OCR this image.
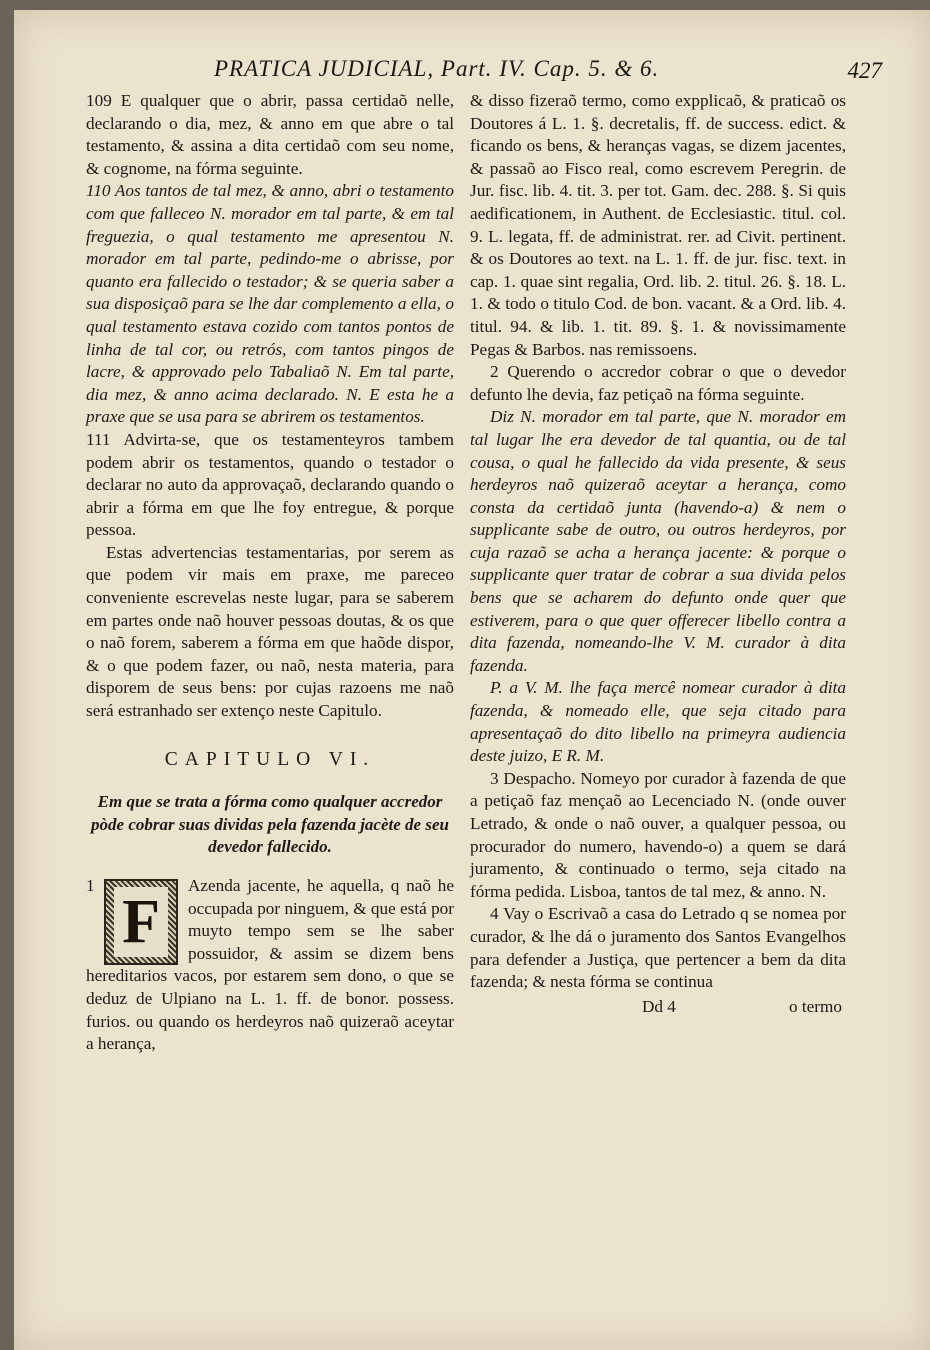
PRATICA JUDICIAL, Part. IV. Cap. 5. & 6.	427

109 E qualquer que o abrir, passa certidaõ nelle, declarando o dia, mez, & anno em que abre o tal testamento, & assina a dita certidaõ com seu nome, & cognome, na fórma seguinte.

110 Aos tantos de tal mez, & anno, abri o testamento com que falleceo N. morador em tal parte, & em tal freguezia, o qual testamento me apresentou N. morador em tal parte, pedindo-me o abrisse, por quanto era fallecido o testador; & se queria saber a sua disposiçaõ para se lhe dar complemento a ella, o qual testamento estava cozido com tantos pontos de linha de tal cor, ou retrós, com tantos pingos de lacre, & approvado pelo Tabaliaõ N. Em tal parte, dia mez, & anno acima declarado. N. E esta he a praxe que se usa para se abrirem os testamentos.

111 Advirta-se, que os testamenteyros tambem podem abrir os testamentos, quando o testador o declarar no auto da approvaçaõ, declarando quando o abrir a fórma em que lhe foy entregue, & porque pessoa.

Estas advertencias testamentarias, por serem as que podem vir mais em praxe, me pareceo conveniente escrevelas neste lugar, para se saberem em partes onde naõ houver pessoas doutas, & os que o naõ forem, saberem a fórma em que haõde dispor, & o que podem fazer, ou naõ, nesta materia, para disporem de seus bens: por cujas razoens me naõ será estranhado ser extenço neste Capitulo.

CAPITULO VI.
Em que se trata a fórma como qualquer accredor pòde cobrar suas dividas pela fazenda jacète de seu devedor fallecido.
1
F

Azenda jacente, he aquella, q naõ he occupada por ninguem, & que está por muyto tempo sem se lhe saber possuidor, & assim se dizem bens hereditarios vacos, por estarem sem dono, o que se deduz de Ulpiano na L. 1. ff. de bonor. possess. furios. ou quando os herdeyros naõ quizeraõ aceytar a herança,

& disso fizeraõ termo, como expplicaõ, & praticaõ os Doutores á L. 1. §. decretalis, ff. de success. edict. & ficando os bens, & heranças vagas, se dizem jacentes, & passaõ ao Fisco real, como escrevem Peregrin. de Jur. fisc. lib. 4. tit. 3. per tot. Gam. dec. 288. §. Si quis aedificationem, in Authent. de Ecclesiastic. titul. col. 9. L. legata, ff. de administrat. rer. ad Civit. pertinent. & os Doutores ao text. na L. 1. ff. de jur. fisc. text. in cap. 1. quae sint regalia, Ord. lib. 2. titul. 26. §. 18. L. 1. & todo o titulo Cod. de bon. vacant. & a Ord. lib. 4. titul. 94. & lib. 1. tit. 89. §. 1. & novissimamente Pegas & Barbos. nas remissoens.

2 Querendo o accredor cobrar o que o devedor defunto lhe devia, faz petiçaõ na fórma seguinte.

Diz N. morador em tal parte, que N. morador em tal lugar lhe era devedor de tal quantia, ou de tal cousa, o qual he fallecido da vida presente, & seus herdeyros naõ quizeraõ aceytar a herança, como consta da certidaõ junta (havendo-a) & nem o supplicante sabe de outro, ou outros herdeyros, por cuja razaõ se acha a herança jacente: & porque o supplicante quer tratar de cobrar a sua divida pelos bens que se acharem do defunto onde quer que estiverem, para o que quer offerecer libello contra a dita fazenda, nomeando-lhe V. M. curador à dita fazenda.

P. a V. M. lhe faça mercê nomear curador à dita fazenda, & nomeado elle, que seja citado para apresentaçaõ do dito libello na primeyra audiencia deste juizo, E R. M.

3 Despacho. Nomeyo por curador à fazenda de que a petiçaõ faz mençaõ ao Lecenciado N. (onde ouver Letrado, & onde o naõ ouver, a qualquer pessoa, ou procurador do numero, havendo-o) a quem se dará juramento, & continuado o termo, seja citado na fórma pedida. Lisboa, tantos de tal mez, & anno. N.

4 Vay o Escrivaõ a casa do Letrado q se nomea por curador, & lhe dá o juramento dos Santos Evangelhos para defender a Justiça, que pertencer a bem da dita fazenda; & nesta fórma se continua

Dd 4	o termo
